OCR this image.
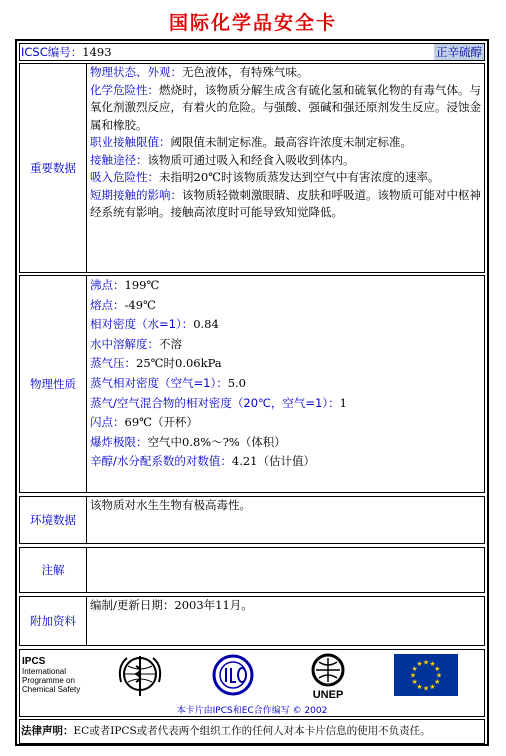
国际化学品安全卡
ICSC编号：1493	正辛硫醇
重要数据
物理状态、外观：无色液体，有特殊气味。
化学危险性：燃烧时，该物质分解生成含有硫化氢和硫氧化物的有毒气体。与氧化剂激烈反应，有着火的危险。与强酸、强碱和强还原剂发生反应。浸蚀金属和橡胶。
职业接触限值：阈限值未制定标准。最高容许浓度未制定标准。
接触途径：该物质可通过吸入和经食入吸收到体内。
吸入危险性：未指明20℃时该物质蒸发达到空气中有害浓度的速率。
短期接触的影响：该物质轻微刺激眼睛、皮肤和呼吸道。该物质可能对中枢神经系统有影响。接触高浓度时可能导致知觉降低。
物理性质
沸点：199℃
熔点：-49℃
相对密度（水=1）：0.84
水中溶解度：不溶
蒸气压：25℃时0.06kPa
蒸气相对密度（空气=1）：5.0
蒸气/空气混合物的相对密度（20℃，空气=1）：1
闪点：69℃（开杯）
爆炸极限：空气中0.8%～?%（体积）
辛醇/水分配系数的对数值：4.21（估计值）
环境数据
该物质对水生生物有极高毒性。
注解
附加资料
编制/更新日期：2003年11月。
IPCS
International
Programme on
Chemical Safety	UNEP
★ ★
★
★
★
★
★
★
★
★
★
★
本卡片由IPCS和EC合作编写 © 2002
法律声明：EC或者IPCS或者代表两个组织工作的任何人对本卡片信息的使用不负责任。
